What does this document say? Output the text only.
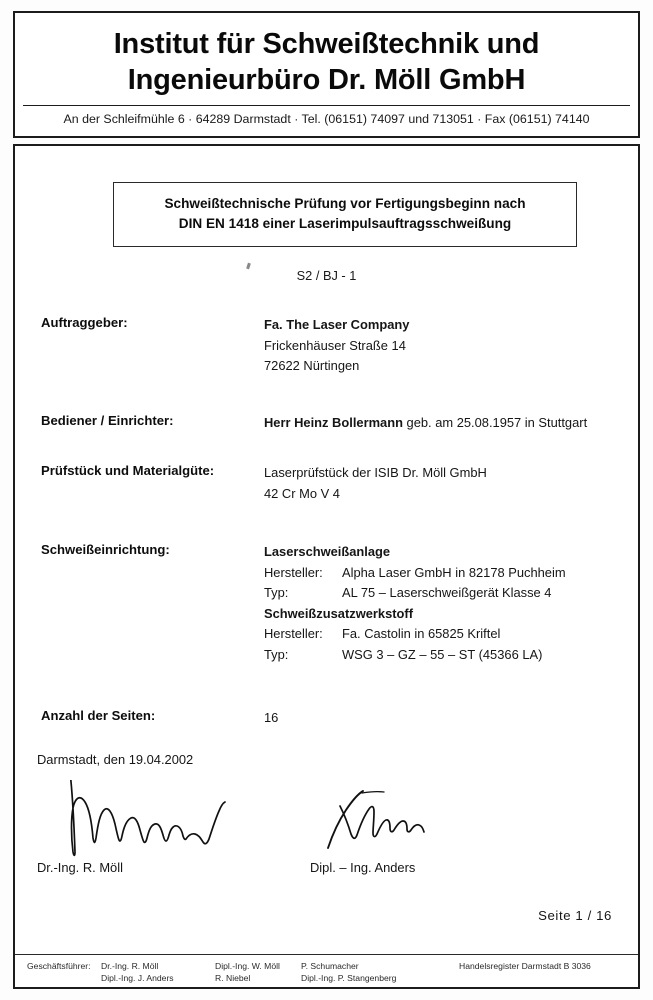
Institut für Schweißtechnik und
Ingenieurbüro Dr. Möll GmbH
An der Schleifmühle 6 · 64289 Darmstadt · Tel. (06151) 74097 und 713051 · Fax (06151) 74140
Schweißtechnische Prüfung vor Fertigungsbeginn nach
DIN EN 1418 einer Laserimpulsauftragsschweißung
S2 / BJ - 1
Auftraggeber:	Fa. The Laser Company
Frickenhäuser Straße 14
72622 Nürtingen
Bediener / Einrichter:	Herr Heinz Bollermann geb. am 25.08.1957 in Stuttgart
Prüfstück und Materialgüte:	Laserprüfstück der ISIB Dr. Möll GmbH
42 Cr Mo V 4
Schweißeinrichtung:	Laserschweißanlage
Hersteller:	Alpha Laser GmbH in 82178 Puchheim
Typ:	AL 75 – Laserschweißgerät Klasse 4
Schweißzusatzwerkstoff
Hersteller:	Fa. Castolin in 65825 Kriftel
Typ:	WSG 3 – GZ – 55 – ST (45366 LA)
Anzahl der Seiten:	16
Darmstadt, den 19.04.2002
Dr.-Ing. R. Möll	Dipl. – Ing. Anders
Seite 1 / 16
Geschäftsführer: Dr.-Ing. R. Möll
Dipl.-Ing. J. Anders
Dipl.-Ing. W. Möll
R. Niebel
P. Schumacher
Dipl.-Ing. P. Stangenberg
Handelsregister Darmstadt B 3036
